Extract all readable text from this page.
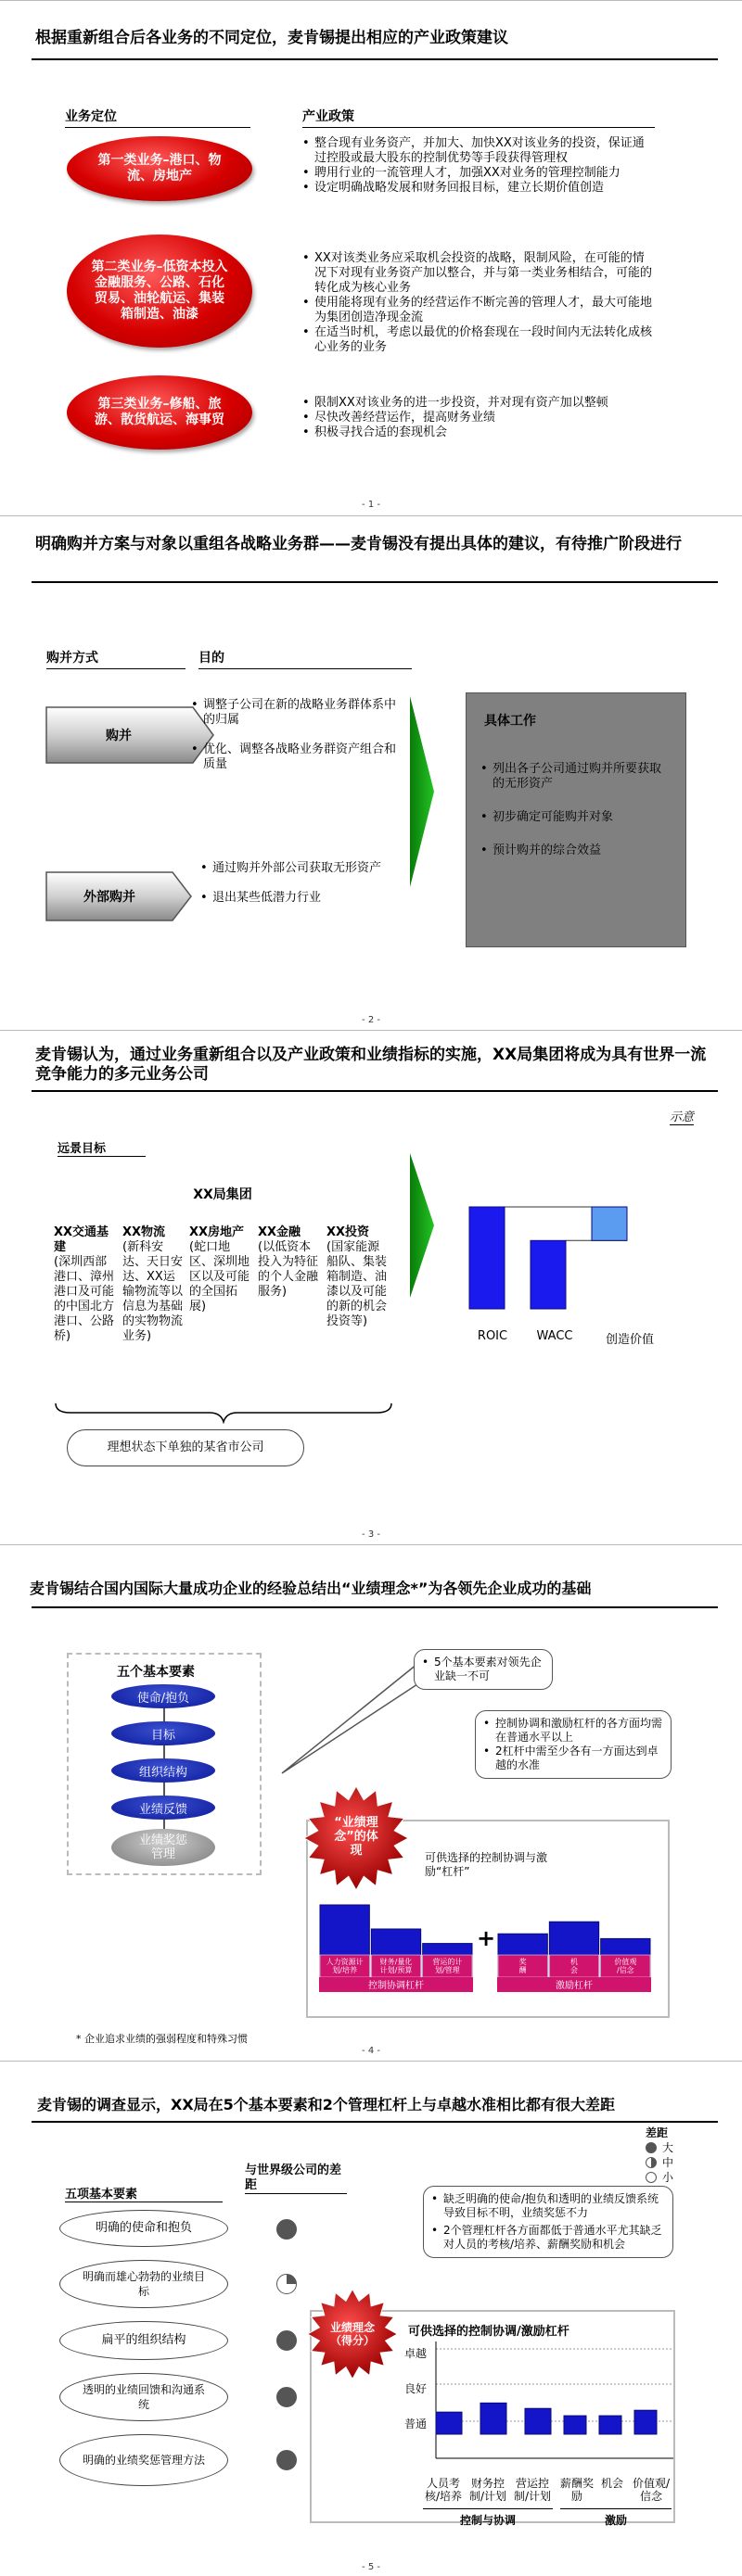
根据重新组合后各业务的不同定位，麦肯锡提出相应的产业政策建议
业务定位	产业政策
第一类业务–港口、物流、房地产
• 整合现有业务资产，并加大、加快XX对该业务的投资，保证通过控股或最大股东的控制优势等手段获得管理权
• 聘用行业的一流管理人才，加强XX对业务的管理控制能力
• 设定明确战略发展和财务回报目标，建立长期价值创造
第二类业务–低资本投入金融服务、公路、石化贸易、油轮航运、集装箱制造、油漆
• XX对该类业务应采取机会投资的战略，限制风险，在可能的情况下对现有业务资产加以整合，并与第一类业务相结合，可能的转化成为核心业务
• 使用能将现有业务的经营运作不断完善的管理人才，最大可能地为集团创造净现金流
• 在适当时机，考虑以最优的价格套现在一段时间内无法转化成核心业务的业务
第三类业务–修船、旅游、散货航运、海事贸
• 限制XX对该业务的进一步投资，并对现有资产加以整顿
• 尽快改善经营运作，提高财务业绩
• 积极寻找合适的套现机会
- 1 -
明确购并方案与对象以重组各战略业务群——麦肯锡没有提出具体的建议，有待推广阶段进行
购并方式	目的
购并
• 调整子公司在新的战略业务群体系中的归属
• 优化、调整各战略业务群资产组合和质量
外部购并
• 通过购并外部公司获取无形资产
• 退出某些低潜力行业
具体工作
• 列出各子公司通过购并所要获取的无形资产
• 初步确定可能购并对象
• 预计购并的综合效益
- 2 -
麦肯锡认为，通过业务重新组合以及产业政策和业绩指标的实施，XX局集团将成为具有世界一流竞争能力的多元业务公司
示意
远景目标
XX局集团
XX交通基建
(深圳西部港口、漳州港口及可能的中国北方港口、公路桥)
XX物流
(新科安达、天日安达、XX运输物流等以信息为基础的实物物流业务)
XX房地产
(蛇口地区、深圳地区以及可能的全国拓展)
XX金融
(以低资本投入为特征的个人金融服务)
XX投资
(国家能源船队、集装箱制造、油漆以及可能的新的机会投资等)
理想状态下单独的某省市公司
ROIC	WACC	创造价值
- 3 -
麦肯锡结合国内国际大量成功企业的经验总结出“业绩理念*”为各领先企业成功的基础
五个基本要素
使命/抱负
目标
组织结构
业绩反馈
业绩奖惩
管理
• 5个基本要素对领先企业缺一不可
• 控制协调和激励杠杆的各方面均需在普通水平以上
• 2杠杆中需至少各有一方面达到卓越的水准
“业绩理念”的体现	可供选择的控制协调与激励“杠杆”
人力资源计划/培养
财务/量化计划/预算
营运的计划/管理
控制协调杠杆
+
奖酬
机会
价值观/信念
激励杠杆
* 企业追求业绩的强弱程度和特殊习惯
- 4 -
麦肯锡的调查显示，XX局在5个基本要素和2个管理杠杆上与卓越水准相比都有很大差距
差距
大
中
小
五项基本要素
与世界级公司的差距
明确的使命和抱负
明确而雄心勃勃的业绩目标
扁平的组织结构
透明的业绩回馈和沟通系统
明确的业绩奖惩管理方法
• 缺乏明确的使命/抱负和透明的业绩反馈系统导致目标不明，业绩奖惩不力
• 2个管理杠杆各方面都低于普通水平尤其缺乏对人员的考核/培养、薪酬奖励和机会
业绩理念（得分）
可供选择的控制协调/激励杠杆
卓越
良好
普通
人员考核/培养
财务控制/计划
营运控制/计划
薪酬奖励
机会 价值观/信念
控制与协调	激励
- 5 -
